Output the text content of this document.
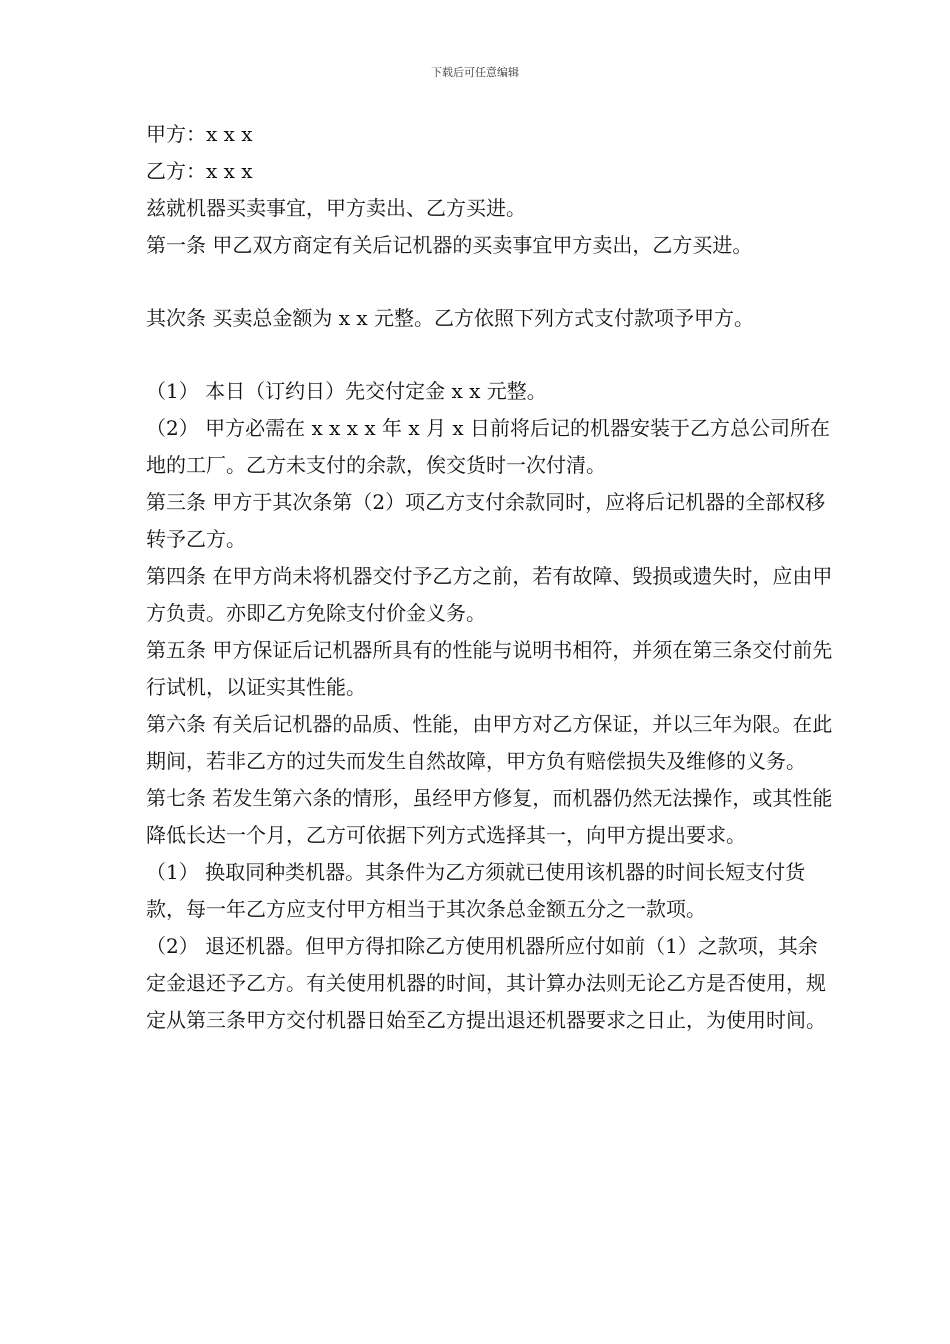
下载后可任意编辑

甲方：x x x

乙方：x x x

兹就机器买卖事宜，甲方卖出、乙方买进。

第一条 甲乙双方商定有关后记机器的买卖事宜甲方卖出，乙方买进。

其次条 买卖总金额为 x x 元整。乙方依照下列方式支付款项予甲方。

（1） 本日（订约日）先交付定金 x x 元整。

（2） 甲方必需在 x x x x 年 x 月 x 日前将后记的机器安装于乙方总公司所在地的工厂。乙方未支付的余款，俟交货时一次付清。

第三条 甲方于其次条第（2）项乙方支付余款同时，应将后记机器的全部权移转予乙方。

第四条 在甲方尚未将机器交付予乙方之前，若有故障、毁损或遗失时，应由甲方负责。亦即乙方免除支付价金义务。

第五条 甲方保证后记机器所具有的性能与说明书相符，并须在第三条交付前先行试机，以证实其性能。

第六条 有关后记机器的品质、性能，由甲方对乙方保证，并以三年为限。在此期间，若非乙方的过失而发生自然故障，甲方负有赔偿损失及维修的义务。

第七条 若发生第六条的情形，虽经甲方修复，而机器仍然无法操作，或其性能降低长达一个月，乙方可依据下列方式选择其一，向甲方提出要求。

（1） 换取同种类机器。其条件为乙方须就已使用该机器的时间长短支付货款，每一年乙方应支付甲方相当于其次条总金额五分之一款项。

（2） 退还机器。但甲方得扣除乙方使用机器所应付如前（1）之款项，其余定金退还予乙方。有关使用机器的时间，其计算办法则无论乙方是否使用，规定从第三条甲方交付机器日始至乙方提出退还机器要求之日止，为使用时间。
